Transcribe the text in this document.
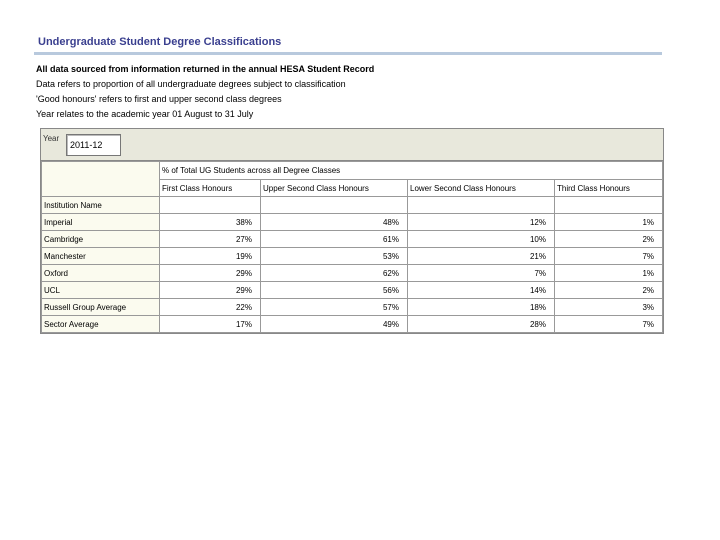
Undergraduate Student Degree Classifications
All data sourced from information returned in the annual HESA Student Record
Data refers to proportion of all undergraduate degrees subject to classification
'Good honours' refers to first and upper second class degrees
Year relates to the academic year 01 August to 31 July
Year
2011-12
	% of Total UG Students across all Degree Classes			
	First Class Honours	Upper Second Class Honours	Lower Second Class Honours	Third Class Honours
Institution Name				
Imperial	38%	48%	12%	1%
Cambridge	27%	61%	10%	2%
Manchester	19%	53%	21%	7%
Oxford	29%	62%	7%	1%
UCL	29%	56%	14%	2%
Russell Group Average	22%	57%	18%	3%
Sector Average	17%	49%	28%	7%
